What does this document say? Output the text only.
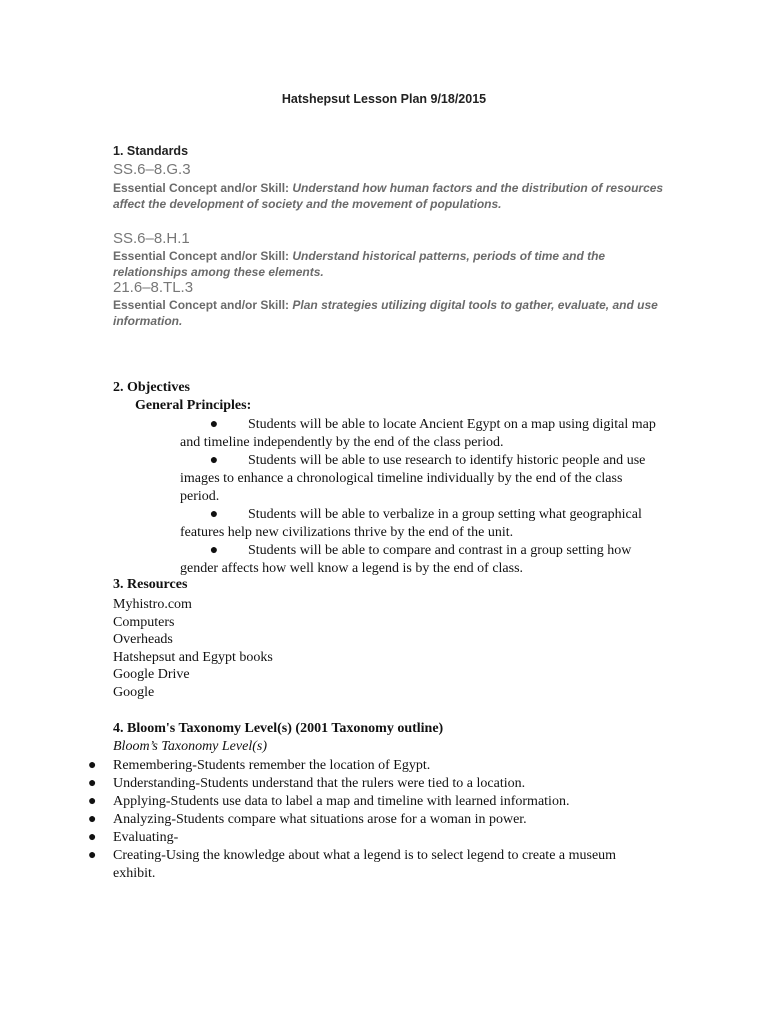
Hatshepsut Lesson Plan 9/18/2015
1. Standards
SS.6–8.G.3
Essential Concept and/or Skill: Understand how human factors and the distribution of resources affect the development of society and the movement of populations.
SS.6–8.H.1
Essential Concept and/or Skill: Understand historical patterns, periods of time and the relationships among these elements.
21.6–8.TL.3
Essential Concept and/or Skill: Plan strategies utilizing digital tools to gather, evaluate, and use information.
2. Objectives
General Principles:
● Students will be able to locate Ancient Egypt on a map using digital map and timeline independently by the end of the class period.
● Students will be able to use research to identify historic people and use images to enhance a chronological timeline individually by the end of the class period.
● Students will be able to verbalize in a group setting what geographical features help new civilizations thrive by the end of the unit.
● Students will be able to compare and contrast in a group setting how gender affects how well know a legend is by the end of class.
3. Resources
Myhistro.com
Computers
Overheads
Hatshepsut and Egypt books
Google Drive
Google
4. Bloom's Taxonomy Level(s) (2001 Taxonomy outline)
Bloom’s Taxonomy Level(s)
● Remembering-Students remember the location of Egypt.
● Understanding-Students understand that the rulers were tied to a location.
● Applying-Students use data to label a map and timeline with learned information.
● Analyzing-Students compare what situations arose for a woman in power.
● Evaluating-
● Creating-Using the knowledge about what a legend is to select legend to create a museum exhibit.
